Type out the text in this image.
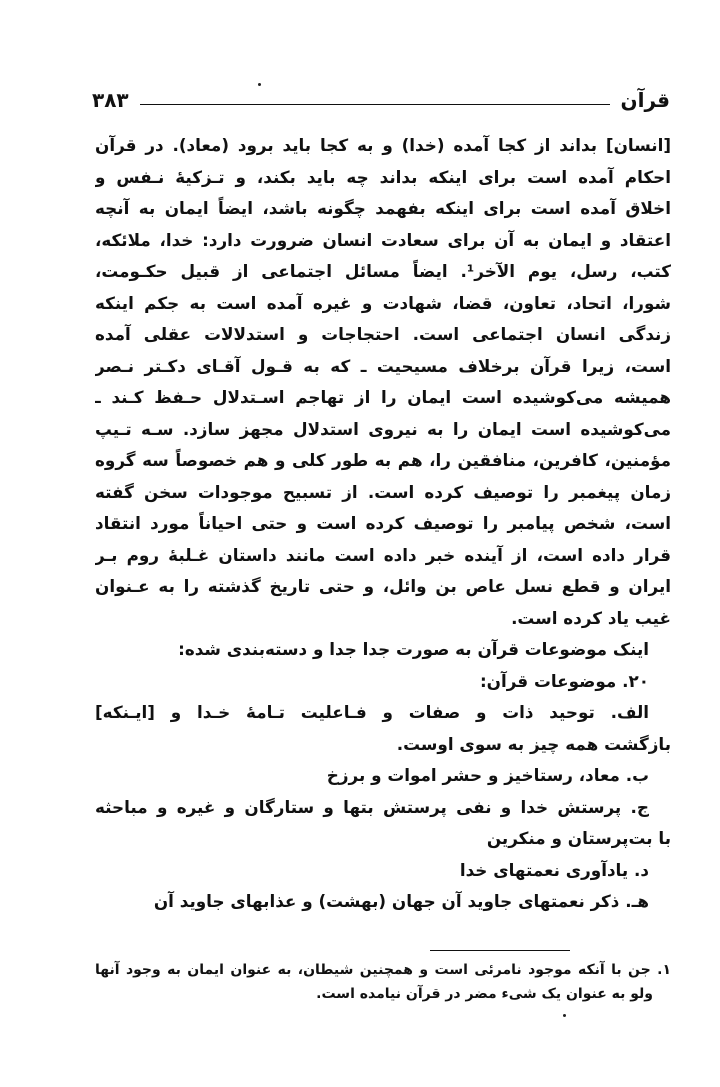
قرآن
۳۸۳
[انسان] بداند از کجا آمده (خدا) و به کجا باید برود (معاد). در قرآن
احکام آمده است برای اینکه بداند چه باید بکند، و تـزکیهٔ نـفس و
اخلاق آمده است برای اینکه بفهمد چگونه باشد، ایضاً ایمان به آنچه
اعتقاد و ایمان به آن برای سعادت انسان ضرورت دارد: خدا، ملائکه،
کتب، رسل، یوم الآخر¹. ایضاً مسائل اجتماعی از قبیل حکـومت،
شورا، اتحاد، تعاون، قضا، شهادت و غیره آمده است به جکم اینکه
زندگی انسان اجتماعی است. احتجاجات و استدلالات عقلی آمده
است، زیرا قرآن برخلاف مسیحیت ـ که به قـول آقـای دکـتر نـصر
همیشه می‌کوشیده است ایمان را از تهاجم اسـتدلال حـفظ کـند ـ
می‌کوشیده است ایمان را به نیروی استدلال مجهز سازد. سـه تـیپ
مؤمنین، کافرین، منافقین را، هم به طور کلی و هم خصوصاً سه گروه
زمان پیغمبر را توصیف کرده است. از تسبیح موجودات سخن گفته
است، شخص پیامبر را توصیف کرده است و حتی احیاناً مورد انتقاد
قرار داده است، از آینده خبر داده است مانند داستان غـلبهٔ روم بـر
ایران و قطع نسل عاص بن وائل، و حتی تاریخ گذشته را به عـنوان
غیب یاد کرده است.
اینک موضوعات قرآن به صورت جدا جدا و دسته‌بندی شده:
۲۰. موضوعات قرآن:
الف. توحید ذات و صفات و فـاعلیت تـامهٔ خـدا و [ایـنکه]
بازگشت همه چیز به سوی اوست.
ب. معاد، رستاخیز و حشر اموات و برزخ
ج. پرستش خدا و نفی پرستش بتها و ستارگان و غیره و مباحثه
با بت‌پرستان و منکرین
د. یادآوری نعمتهای خدا
هـ. ذکر نعمتهای جاوید آن جهان (بهشت) و عذابهای جاوید آن
۱. جن با آنکه موجود نامرئی است و همچنین شیطان، به عنوان ایمان به وجود آنها
ولو به عنوان یک شیء مضر در قرآن نیامده است.
